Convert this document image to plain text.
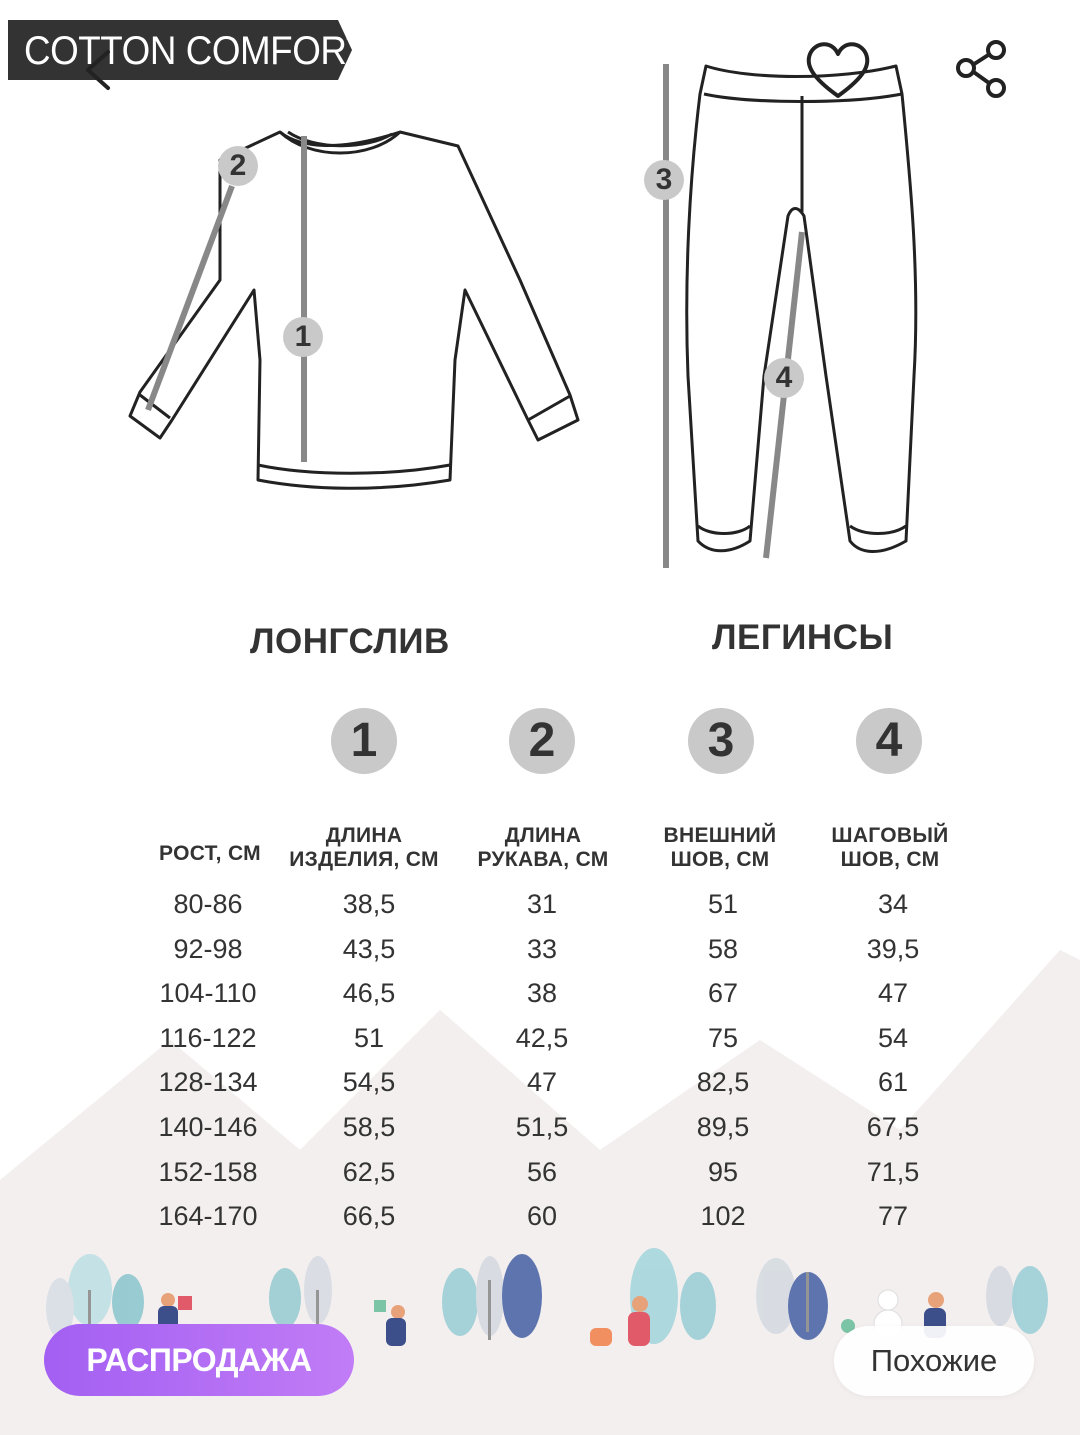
COTTON COMFORT
2
1
3
4
ЛОНГСЛИВ	ЛЕГИНСЫ
1	2	3	4
РОСТ, СМ
ДЛИНА
ИЗДЕЛИЯ, СМ
ДЛИНА
РУКАВА, СМ
ВНЕШНИЙ
ШОВ, СМ
ШАГОВЫЙ
ШОВ, СМ
80-86	38,5	31	51	34
92-98	43,5	33	58	39,5
104-110	46,5	38	67	47
116-122	51	42,5	75	54
128-134	54,5	47	82,5	61
140-146	58,5	51,5	89,5	67,5
152-158	62,5	56	95	71,5
164-170	66,5	60	102	77
РАСПРОДАЖА	Похожие
